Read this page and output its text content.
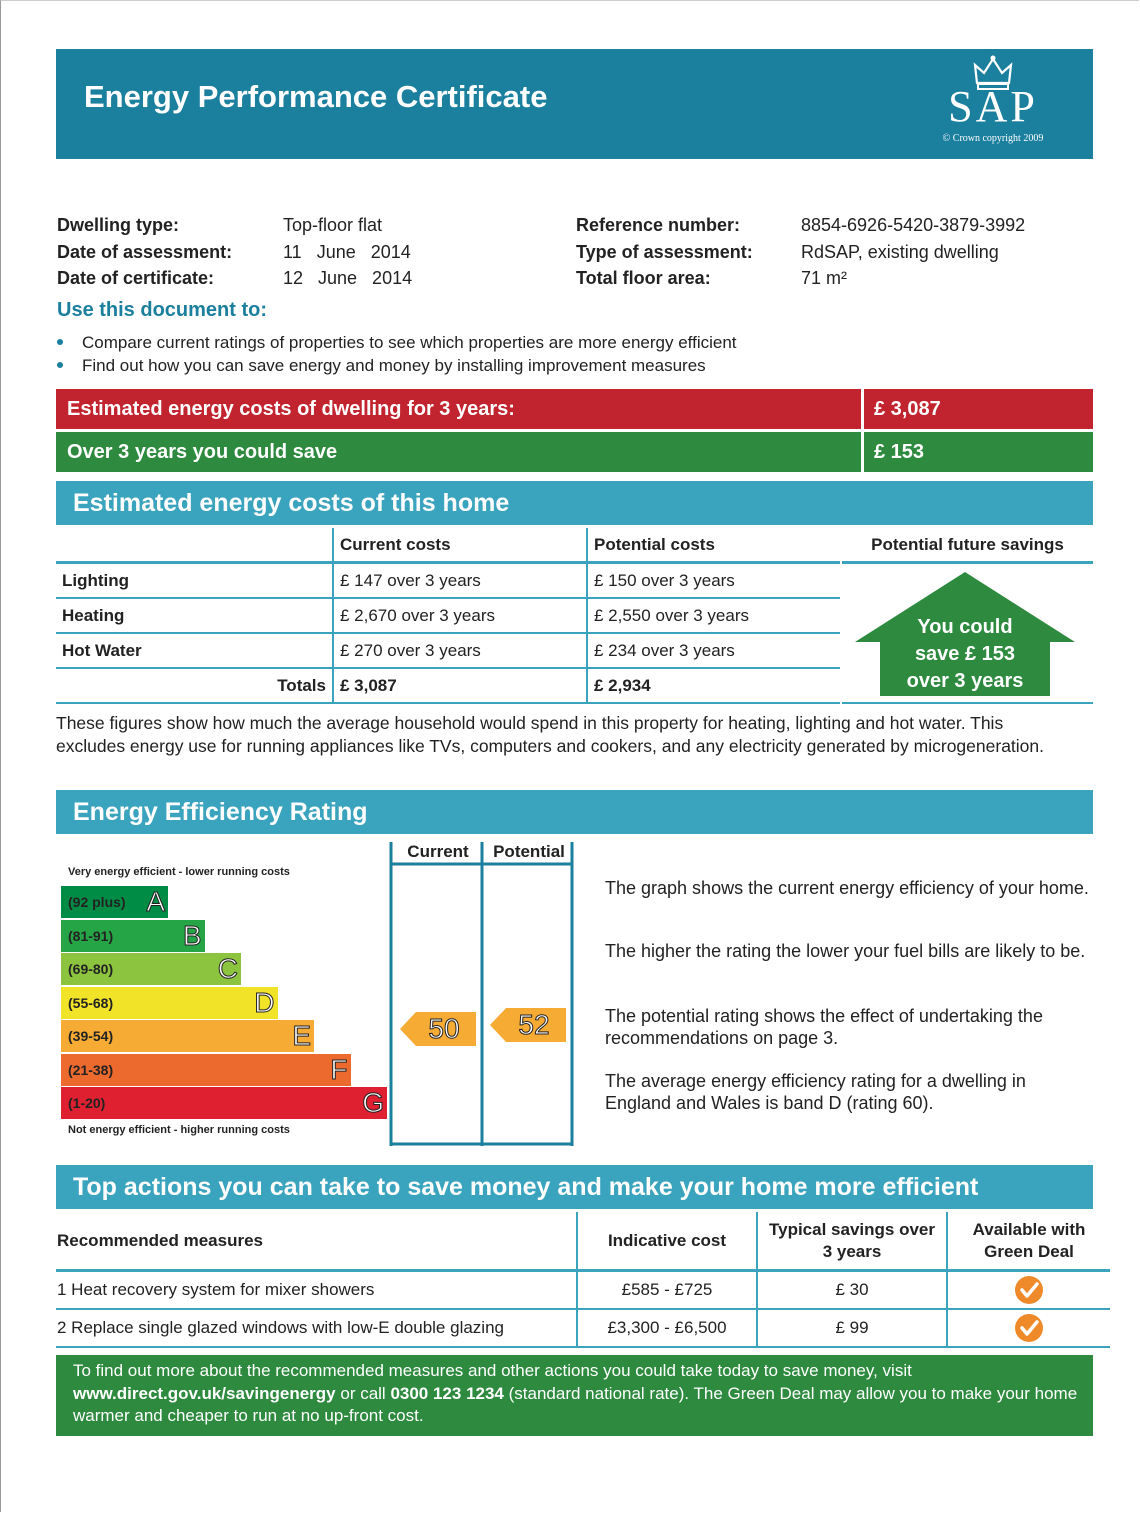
Energy Performance Certificate	SAP
© Crown copyright 2009
Dwelling type:	Top-floor flat
Date of assessment:	11   June   2014
Date of certificate:	12   June   2014
Reference number:	8854-6926-5420-3879-3992
Type of assessment:	RdSAP, existing dwelling
Total floor area:	71 m²
Use this document to:
Compare current ratings of properties to see which properties are more energy efficient
Find out how you can save energy and money by installing improvement measures
Estimated energy costs of dwelling for 3 years:	£ 3,087
Over 3 years you could save	£ 153
Estimated energy costs of this home
	Current costs	Potential costs
Lighting	£ 147 over 3 years	£ 150 over 3 years
Heating	£ 2,670 over 3 years	£ 2,550 over 3 years
Hot Water	£ 270 over 3 years	£ 234 over 3 years
Totals	£ 3,087	£ 2,934
Potential future savings
You could
save £ 153
over 3 years
These figures show how much the average household would spend in this property for heating, lighting and hot water. This excludes energy use for running appliances like TVs, computers and cookers, and any electricity generated by microgeneration.
Energy Efficiency Rating
Current	Potential
Very energy efficient - lower running costs
Not energy efficient - higher running costs
(92 plus) A
(81-91) B
(69-80)	C
(55-68)	D
(39-54)	E
(21-38)	F
(1-20)	G
50	52
The graph shows the current energy efficiency of your home.
The higher the rating the lower your fuel bills are likely to be.
The potential rating shows the effect of undertaking the recommendations on page 3.
The average energy efficiency rating for a dwelling in England and Wales is band D (rating 60).
Top actions you can take to save money and make your home more efficient
Recommended measures	Indicative cost	Typical savings over 3 years	Available with Green Deal
1 Heat recovery system for mixer showers	£585 - £725	£ 30	
2 Replace single glazed windows with low-E double glazing	£3,300 - £6,500	£ 99	

To find out more about the recommended measures and other actions you could take today to save money, visit www.direct.gov.uk/savingenergy or call 0300 123 1234 (standard national rate). The Green Deal may allow you to make your home warmer and cheaper to run at no up-front cost.
